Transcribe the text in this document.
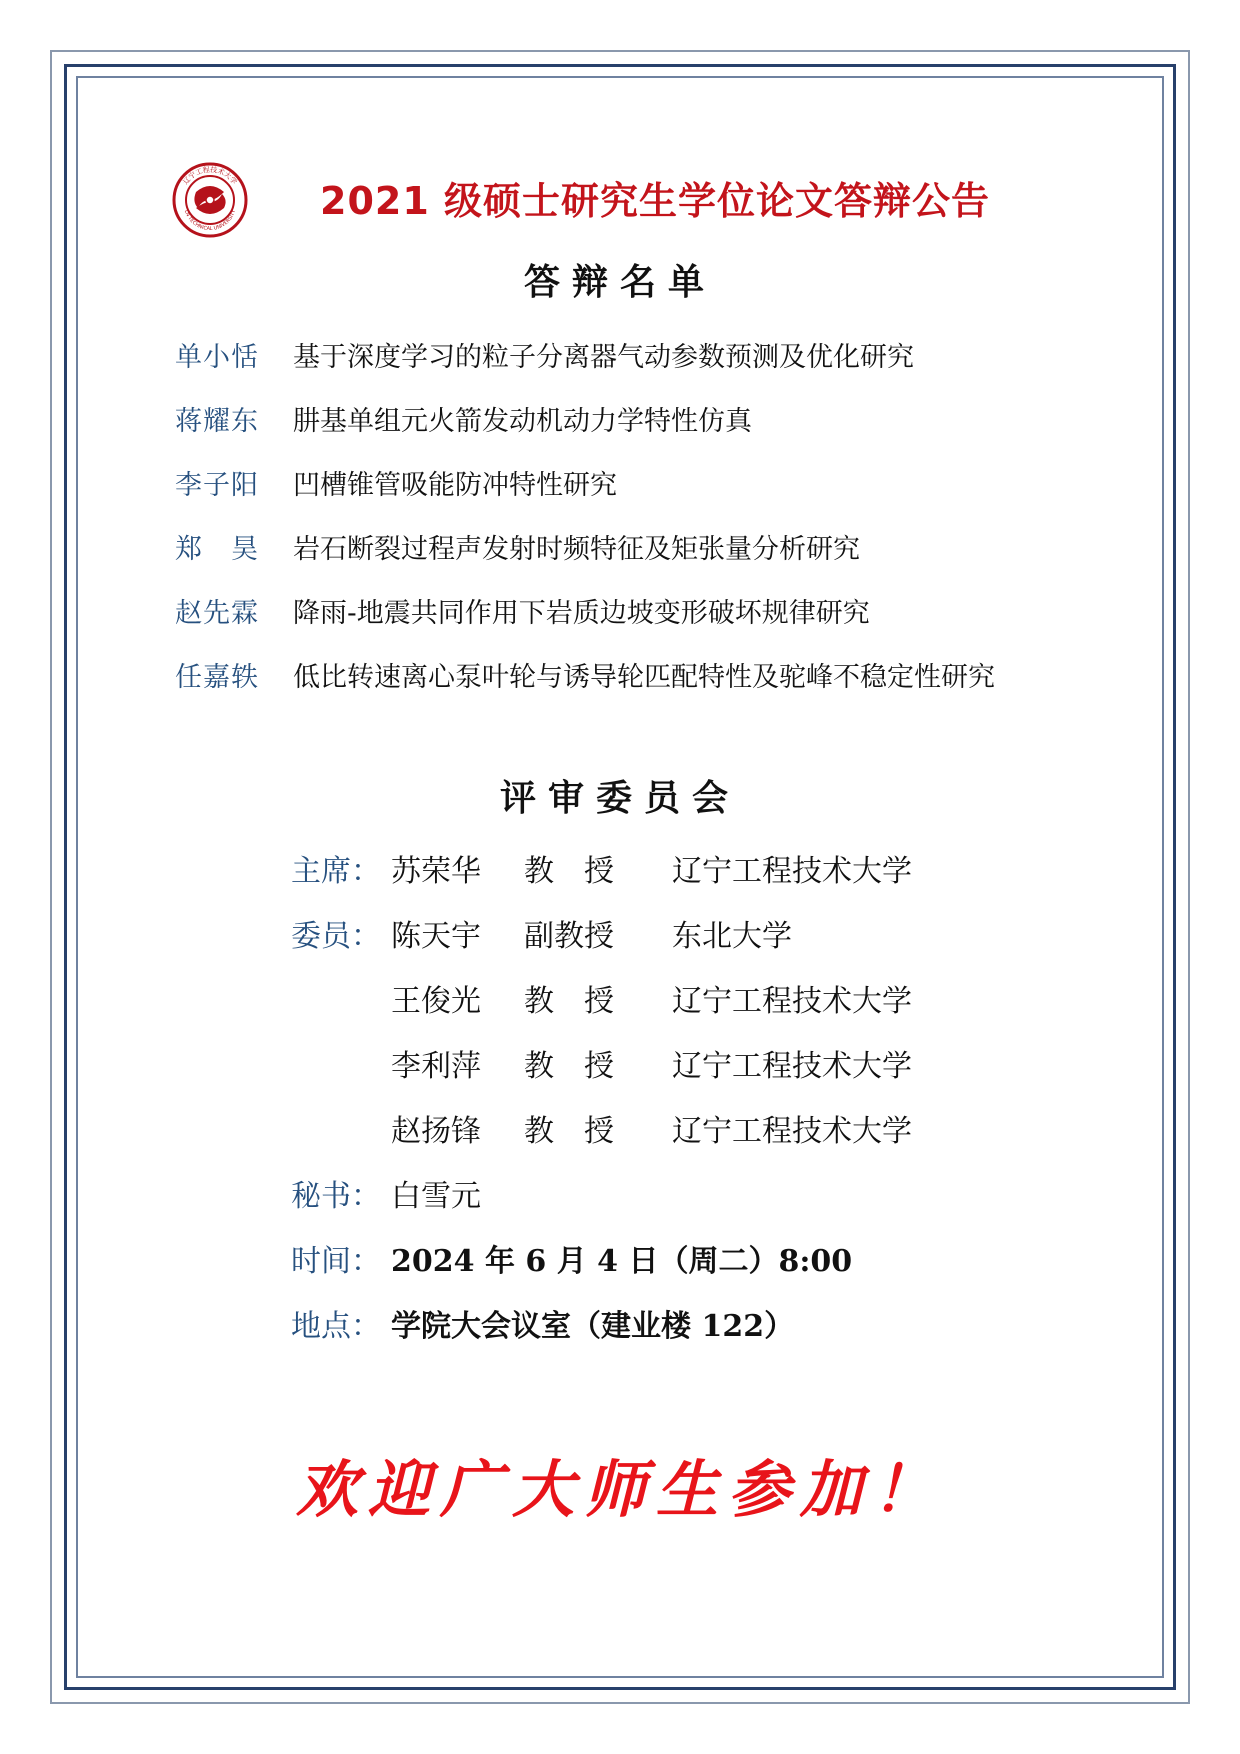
辽宁工程技术大学
LN TECHNICAL UNIVERSITY 2021 级硕士研究生学位论文答辩公告
答辩名单
单小恬	基于深度学习的粒子分离器气动参数预测及优化研究
蒋耀东	肼基单组元火箭发动机动力学特性仿真
李子阳	凹槽锥管吸能防冲特性研究
郑　昊	岩石断裂过程声发射时频特征及矩张量分析研究
赵先霖	降雨-地震共同作用下岩质边坡变形破坏规律研究
任嘉轶	低比转速离心泵叶轮与诱导轮匹配特性及驼峰不稳定性研究
评审委员会
主席： 苏荣华	教　授	辽宁工程技术大学
委员： 陈天宇	副教授	东北大学
王俊光	教　授	辽宁工程技术大学
李利萍	教　授	辽宁工程技术大学
赵扬锋	教　授	辽宁工程技术大学
秘书： 白雪元
时间： 2024 年 6 月 4 日（周二）8:00
地点： 学院大会议室（建业楼 122）
欢迎广大师生参加！
